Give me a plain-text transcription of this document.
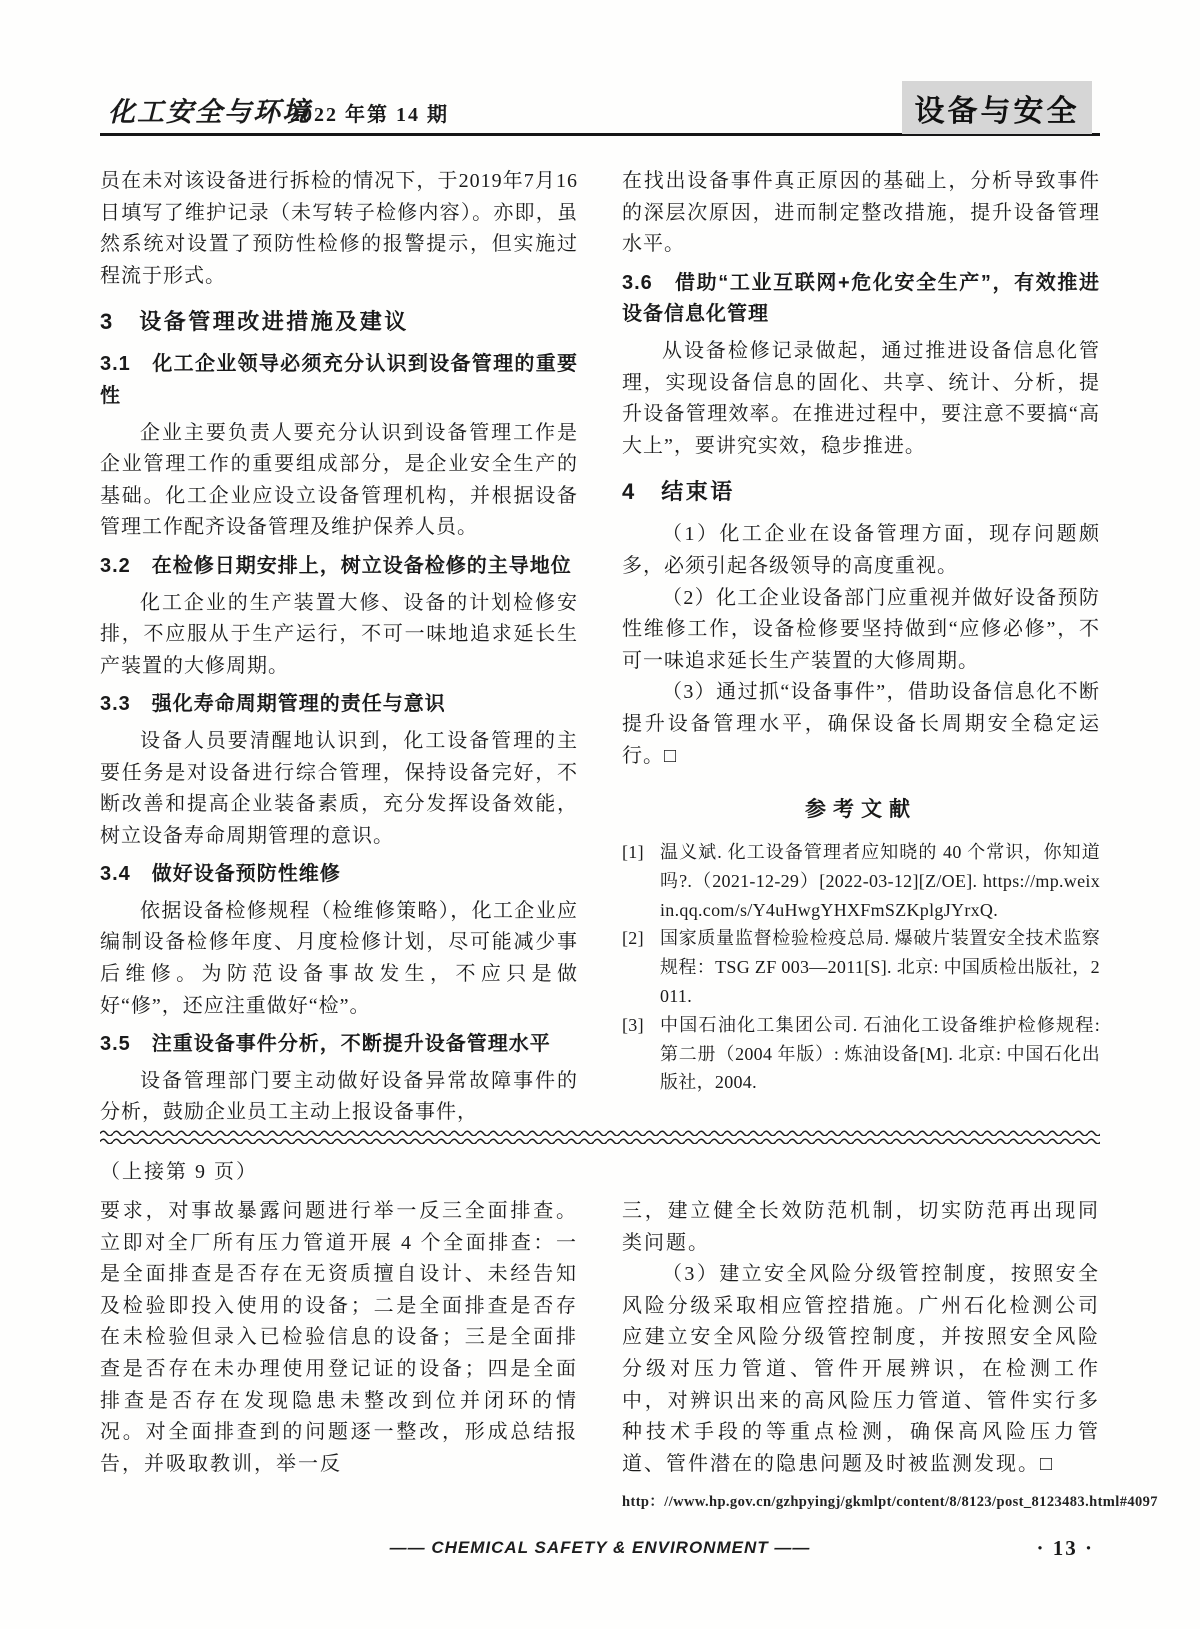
化工安全与环境
2022 年第 14 期	设备与安全

员在未对该设备进行拆检的情况下，于2019年7月16日填写了维护记录（未写转子检修内容）。亦即，虽然系统对设置了预防性检修的报警提示，但实施过程流于形式。

3　设备管理改进措施及建议
3.1　化工企业领导必须充分认识到设备管理的重要性

企业主要负责人要充分认识到设备管理工作是企业管理工作的重要组成部分，是企业安全生产的基础。化工企业应设立设备管理机构，并根据设备管理工作配齐设备管理及维护保养人员。

3.2　在检修日期安排上，树立设备检修的主导地位

化工企业的生产装置大修、设备的计划检修安排，不应服从于生产运行，不可一味地追求延长生产装置的大修周期。

3.3　强化寿命周期管理的责任与意识

设备人员要清醒地认识到，化工设备管理的主要任务是对设备进行综合管理，保持设备完好，不断改善和提高企业装备素质，充分发挥设备效能，树立设备寿命周期管理的意识。

3.4　做好设备预防性维修

依据设备检修规程（检维修策略），化工企业应编制设备检修年度、月度检修计划，尽可能减少事后维修。为防范设备事故发生，不应只是做好“修”，还应注重做好“检”。

3.5　注重设备事件分析，不断提升设备管理水平

设备管理部门要主动做好设备异常故障事件的分析，鼓励企业员工主动上报设备事件，

在找出设备事件真正原因的基础上，分析导致事件的深层次原因，进而制定整改措施，提升设备管理水平。

3.6　借助“工业互联网+危化安全生产”，有效推进设备信息化管理

从设备检修记录做起，通过推进设备信息化管理，实现设备信息的固化、共享、统计、分析，提升设备管理效率。在推进过程中，要注意不要搞“高大上”，要讲究实效，稳步推进。

4　结束语

（1）化工企业在设备管理方面，现存问题颇多，必须引起各级领导的高度重视。

（2）化工企业设备部门应重视并做好设备预防性维修工作，设备检修要坚持做到“应修必修”，不可一味追求延长生产装置的大修周期。

（3）通过抓“设备事件”，借助设备信息化不断提升设备管理水平，确保设备长周期安全稳定运行。□

参考文献
[1] 温义斌. 化工设备管理者应知晓的 40 个常识，你知道吗?.（2021-12-29）[2022-03-12][Z/OE]. https://mp.weixin.qq.com/s/Y4uHwgYHXFmSZKplgJYrxQ.
[2] 国家质量监督检验检疫总局. 爆破片装置安全技术监察规程：TSG ZF 003—2011[S]. 北京: 中国质检出版社，2011.
[3] 中国石油化工集团公司. 石油化工设备维护检修规程: 第二册（2004 年版）: 炼油设备[M]. 北京: 中国石化出版社，2004.
（上接第 9 页）

要求，对事故暴露问题进行举一反三全面排查。立即对全厂所有压力管道开展 4 个全面排查：一是全面排查是否存在无资质擅自设计、未经告知及检验即投入使用的设备；二是全面排查是否存在未检验但录入已检验信息的设备；三是全面排查是否存在未办理使用登记证的设备；四是全面排查是否存在发现隐患未整改到位并闭环的情况。对全面排查到的问题逐一整改，形成总结报告，并吸取教训，举一反

三，建立健全长效防范机制，切实防范再出现同类问题。

（3）建立安全风险分级管控制度，按照安全风险分级采取相应管控措施。广州石化检测公司应建立安全风险分级管控制度，并按照安全风险分级对压力管道、管件开展辨识，在检测工作中，对辨识出来的高风险压力管道、管件实行多种技术手段的等重点检测，确保高风险压力管道、管件潜在的隐患问题及时被监测发现。□

http：//www.hp.gov.cn/gzhpyingj/gkmlpt/content/8/8123/post_8123483.html#4097
—— CHEMICAL SAFETY & ENVIRONMENT ——	· 13 ·
